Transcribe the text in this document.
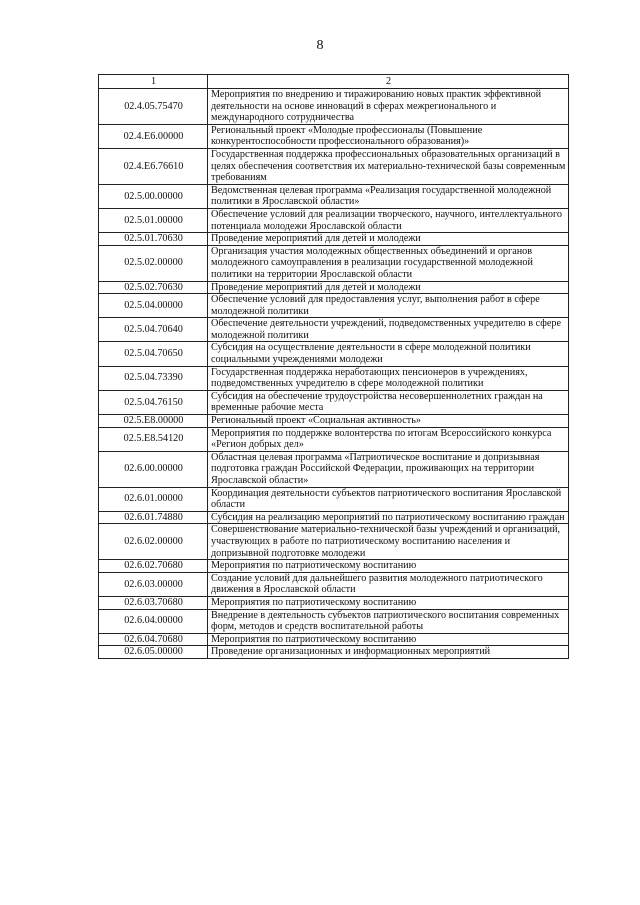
8
1	2
02.4.05.75470	Мероприятия по внедрению и тиражированию новых практик эффективной деятельности на основе инноваций в сферах межрегионального и международного сотрудничества
02.4.E6.00000	Региональный проект «Молодые профессионалы (Повышение конкурентоспособности профессионального образования)»
02.4.E6.76610	Государственная поддержка профессиональных образовательных организаций в целях обеспечения соответствия их материально-технической базы современным требованиям
02.5.00.00000	Ведомственная целевая программа «Реализация государственной молодежной политики в Ярославской области»
02.5.01.00000	Обеспечение условий для реализации творческого, научного, интеллектуального потенциала молодежи Ярославской области
02.5.01.70630	Проведение мероприятий для детей и молодежи
02.5.02.00000	Организация участия молодежных общественных объединений и органов молодежного самоуправления в реализации государственной молодежной политики на территории Ярославской области
02.5.02.70630	Проведение мероприятий для детей и молодежи
02.5.04.00000	Обеспечение условий для предоставления услуг, выполнения работ в сфере молодежной политики
02.5.04.70640	Обеспечение деятельности учреждений, подведомственных учредителю в сфере молодежной политики
02.5.04.70650	Субсидия на осуществление деятельности в сфере молодежной политики социальными учреждениями молодежи
02.5.04.73390	Государственная поддержка неработающих пенсионеров в учреждениях, подведомственных учредителю в сфере молодежной политики
02.5.04.76150	Субсидия на обеспечение трудоустройства несовершеннолетних граждан на временные рабочие места
02.5.E8.00000	Региональный проект «Социальная активность»
02.5.E8.54120	Мероприятия по поддержке волонтерства по итогам Всероссийского конкурса «Регион добрых дел»
02.6.00.00000	Областная целевая программа «Патриотическое воспитание и допризывная подготовка граждан Российской Федерации, проживающих на территории Ярославской области»
02.6.01.00000	Координация деятельности субъектов патриотического воспитания Ярославской области
02.6.01.74880	Субсидия на реализацию мероприятий по патриотическому воспитанию граждан
02.6.02.00000	Совершенствование материально-технической базы учреждений и организаций, участвующих в работе по патриотическому воспитанию населения и допризывной подготовке молодежи
02.6.02.70680	Мероприятия по патриотическому воспитанию
02.6.03.00000	Создание условий для дальнейшего развития молодежного патриотического движения в Ярославской области
02.6.03.70680	Мероприятия по патриотическому воспитанию
02.6.04.00000	Внедрение в деятельность субъектов патриотического воспитания современных форм, методов и средств воспитательной работы
02.6.04.70680	Мероприятия по патриотическому воспитанию
02.6.05.00000	Проведение организационных и информационных мероприятий
